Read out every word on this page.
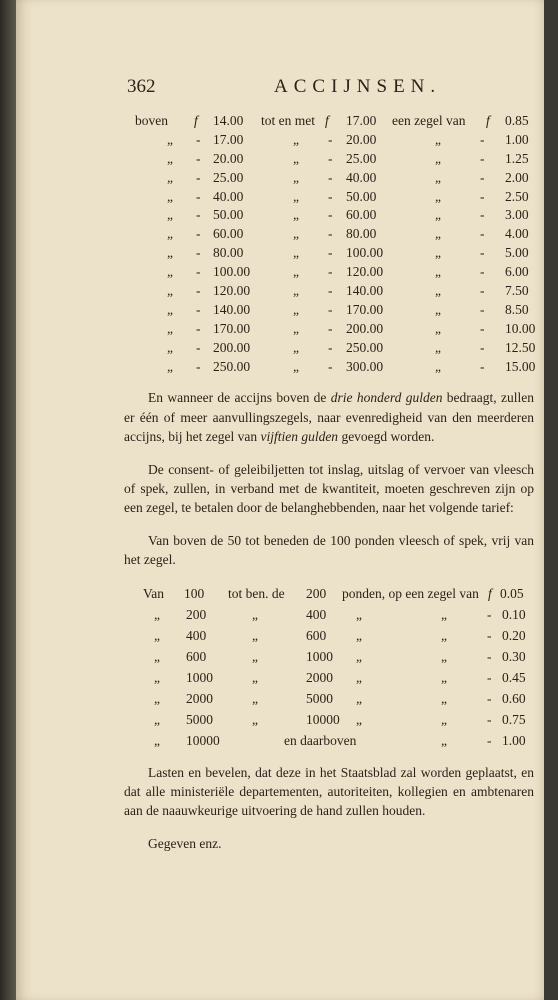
362	ACCIJNSEN.
boven f 14.00 tot en met f 17.00 een zegel van f 0.85
„ - 17.00	„ - 20.00	„	- 1.00
„ - 20.00	„ - 25.00	„	- 1.25
„ - 25.00	„ - 40.00	„	- 2.00
„ - 40.00	„ - 50.00	„	- 2.50
„ - 50.00	„ - 60.00	„	- 3.00
„ - 60.00	„ - 80.00	„	- 4.00
„ - 80.00	„ - 100.00	„	- 5.00
„ - 100.00	„ - 120.00	„	- 6.00
„ - 120.00	„ - 140.00	„	- 7.50
„ - 140.00	„ - 170.00	„	- 8.50
„ - 170.00	„ - 200.00	„	- 10.00
„ - 200.00	„ - 250.00	„	- 12.50
„ - 250.00	„ - 300.00	„	- 15.00

En wanneer de accijns boven de drie honderd gulden bedraagt, zullen er één of meer aanvullingszegels, naar evenredigheid van den meerderen accijns, bij het zegel van vijftien gulden gevoegd worden.

De consent- of geleibiljetten tot inslag, uitslag of vervoer van vleesch of spek, zullen, in verband met de kwantiteit, moeten geschreven zijn op een zegel, te betalen door de belanghebbenden, naar het volgende tarief:

Van boven de 50 tot beneden de 100 ponden vleesch of spek, vrij van het zegel.

Van 100 tot ben. de 200 ponden, op een zegel van f 0.05
„ 200	„	400 „	„	- 0.10
„ 400	„	600 „	„	- 0.20
„ 600	„	1000 „	„	- 0.30
„ 1000	„	2000 „	„	- 0.45
„ 2000	„	5000 „	„	- 0.60
„ 5000	„	10000 „	„	- 0.75
„ 10000	en daarboven	„	- 1.00

Lasten en bevelen, dat deze in het Staatsblad zal worden geplaatst, en dat alle ministeriële departementen, autoriteiten, kollegien en ambtenaren aan de naauwkeurige uitvoering de hand zullen houden.

Gegeven enz.
